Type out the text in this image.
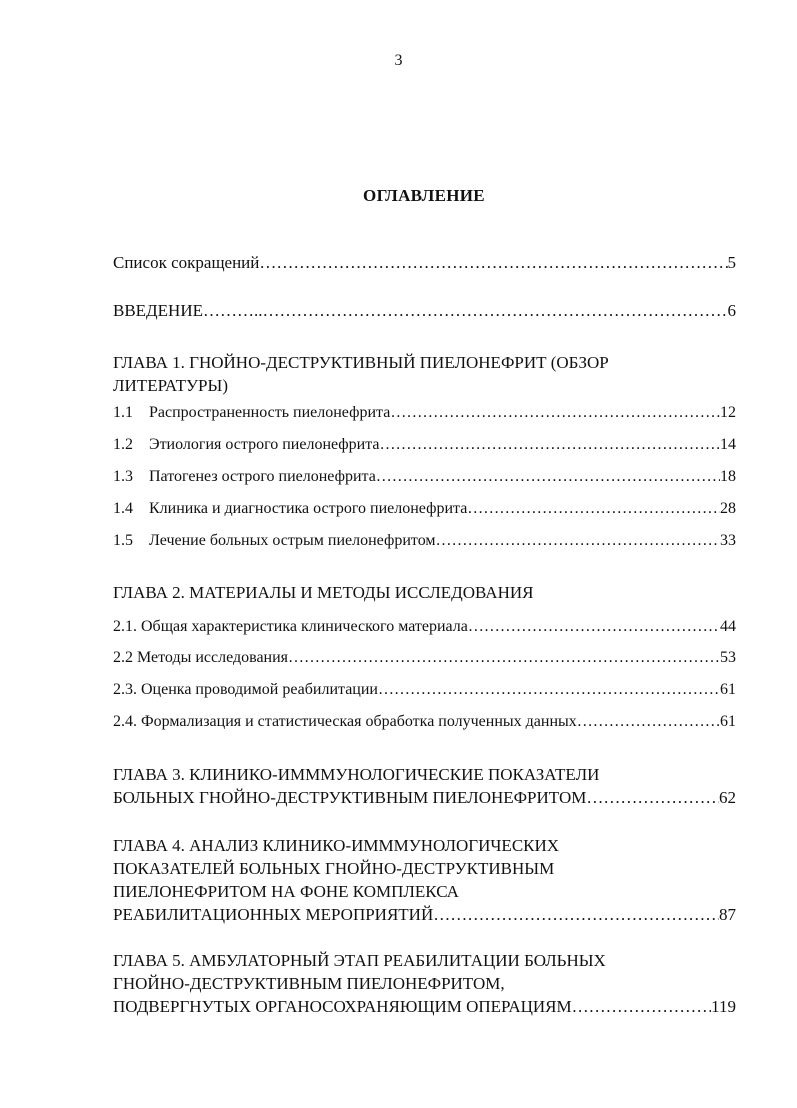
3
ОГЛАВЛЕНИЕ
Список сокращений ………………………………………………………………………………………………………………………………………………………………………………	5
ВВЕДЕНИЕ……….. ………………………………………………………………………………………………………………………………………………………………………………	6
ГЛАВА 1. ГНОЙНО-ДЕСТРУКТИВНЫЙ ПИЕЛОНЕФРИТ (ОБЗОР
ЛИТЕРАТУРЫ)
1.1	Распространенность пиелонефрита ………………………………………………………………………………………………………………………………………………………………………………	12
1.2	Этиология острого пиелонефрита ………………………………………………………………………………………………………………………………………………………………………………	14
1.3	Патогенез острого пиелонефрита ………………………………………………………………………………………………………………………………………………………………………………	18
1.4	Клиника и диагностика острого пиелонефрита ………………………………………………………………………………………………………………………………………………………………………………	28
1.5	Лечение больных острым пиелонефритом ………………………………………………………………………………………………………………………………………………………………………………	33
ГЛАВА 2. МАТЕРИАЛЫ И МЕТОДЫ ИССЛЕДОВАНИЯ
2.1. Общая характеристика клинического материала ………………………………………………………………………………………………………………………………………………………………………………	44
2.2 Методы исследования ………………………………………………………………………………………………………………………………………………………………………………	53
2.3. Оценка проводимой реабилитации ………………………………………………………………………………………………………………………………………………………………………………	61
2.4. Формализация и статистическая обработка полученных данных ………………………………………………………………………………………………………………………………………………………………………………	61
ГЛАВА 3. КЛИНИКО-ИММMУНОЛОГИЧЕСКИЕ ПОКАЗАТЕЛИ
БОЛЬНЫХ ГНОЙНО-ДЕСТРУКТИВНЫМ ПИЕЛОНЕФРИТОМ ………………………………………………………………………………………………………………………………………………………………………………	62
ГЛАВА 4. АНАЛИЗ КЛИНИКО-ИММMУНОЛОГИЧЕСКИХ
ПОКАЗАТЕЛЕЙ БОЛЬНЫХ ГНОЙНО-ДЕСТРУКТИВНЫМ
ПИЕЛОНЕФРИТОМ НА ФОНЕ КОМПЛЕКСА
РЕАБИЛИТАЦИОННЫХ МЕРОПРИЯТИЙ ………………………………………………………………………………………………………………………………………………………………………………	87
ГЛАВА 5. АМБУЛАТОРНЫЙ ЭТАП РЕАБИЛИТАЦИИ БОЛЬНЫХ
ГНОЙНО-ДЕСТРУКТИВНЫМ ПИЕЛОНЕФРИТОМ,
ПОДВЕРГНУТЫХ ОРГАНОСОХРАНЯЮЩИМ ОПЕРАЦИЯМ ………………………………………………………………………………………………………………………………………………………………………………	119
